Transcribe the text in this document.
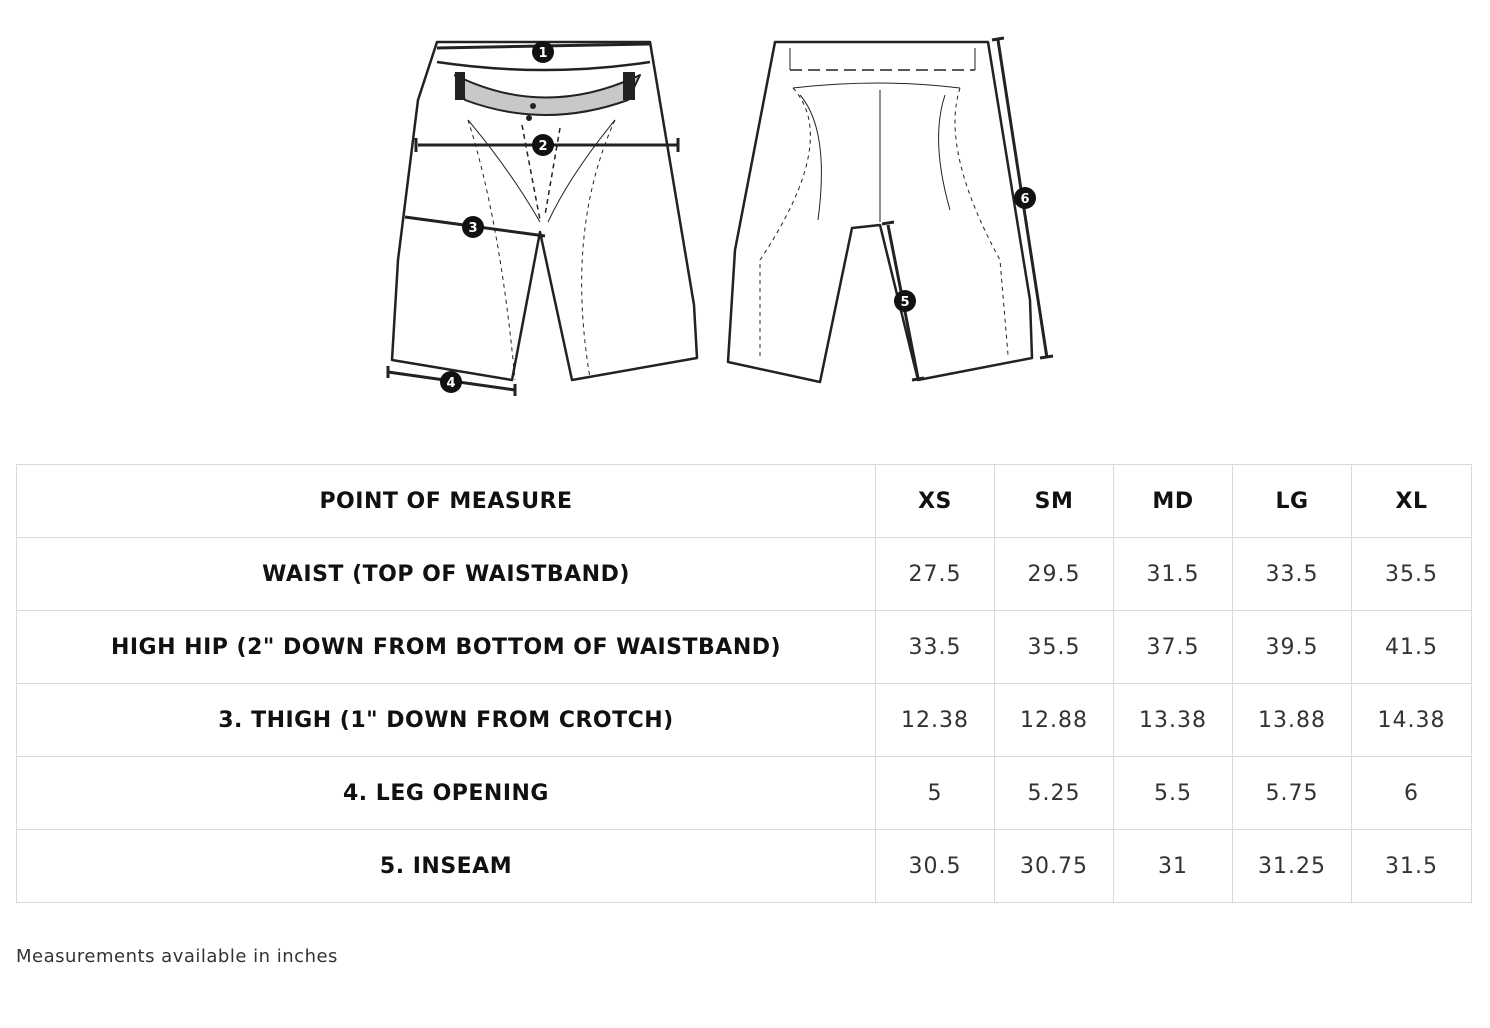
1
2
3
4
5
6
POINT OF MEASURE	XS	SM	MD	LG	XL
WAIST (TOP OF WAISTBAND)	27.5	29.5	31.5	33.5	35.5
HIGH HIP (2" DOWN FROM BOTTOM OF WAISTBAND)	33.5	35.5	37.5	39.5	41.5
3. THIGH (1" DOWN FROM CROTCH)	12.38	12.88	13.38	13.88	14.38
4. LEG OPENING	5	5.25	5.5	5.75	6
5. INSEAM	30.5	30.75	31	31.25	31.5
Measurements available in inches
